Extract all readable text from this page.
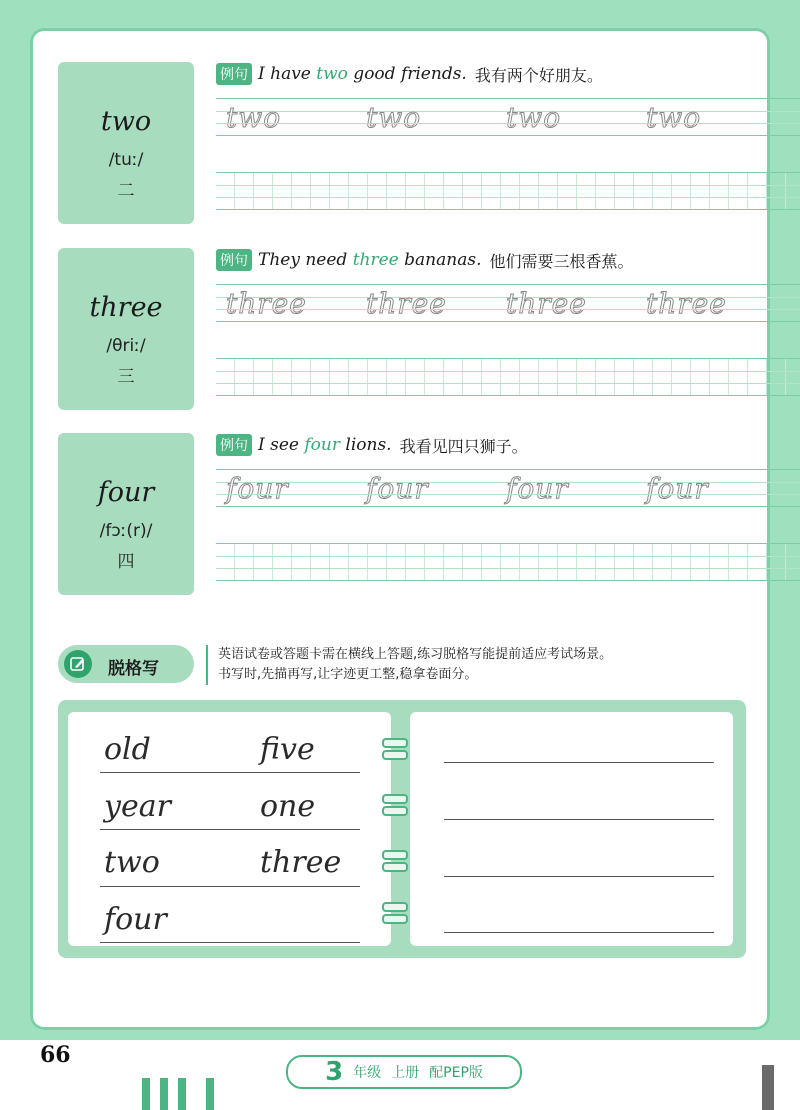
two
/tuː/
二
例句 I have two good friends. 我有两个好朋友。
two	two	two	two
three
/θriː/
三
例句 They need three bananas. 他们需要三根香蕉。
three three three three
four
/fɔː(r)/
四
例句 I see four lions. 我看见四只狮子。
four	four	four	four
脱格写
英语试卷或答题卡需在横线上答题,练习脱格写能提前适应考试场景。
书写时,先描再写,让字迹更工整,稳拿卷面分。
old	five
year	one
two	three
four
66
3 年级 上册 配PEP版
